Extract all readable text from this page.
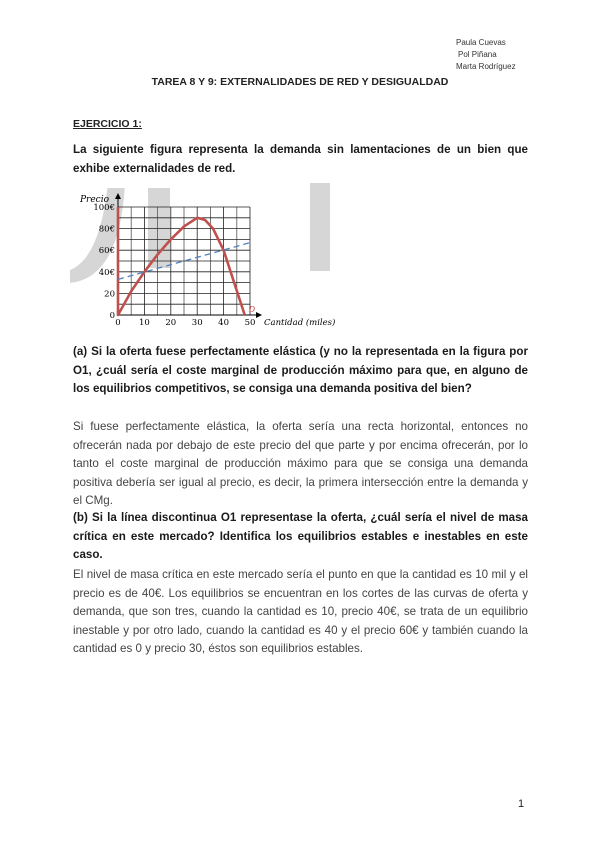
Paula Cuevas
Pol Piñana
Marta Rodríguez
TAREA 8 Y 9: EXTERNALIDADES DE RED Y DESIGUALDAD
EJERCICIO 1:
La siguiente figura representa la demanda sin lamentaciones de un bien que exhibe externalidades de red.
D
0 10 20 30 40 50
0
20
40€
60€
80€
100€
Precio
Cantidad (miles)
(a) Si la oferta fuese perfectamente elástica (y no la representada en la figura por O1, ¿cuál sería el coste marginal de producción máximo para que, en alguno de los equilibrios competitivos, se consiga una demanda positiva del bien?
Si fuese perfectamente elástica, la oferta sería una recta horizontal, entonces no ofrecerán nada por debajo de este precio del que parte y por encima ofrecerán, por lo tanto el coste marginal de producción máximo para que se consiga una demanda positiva debería ser igual al precio, es decir, la primera intersección entre la demanda y el CMg.
(b) Si la línea discontinua O1 representase la oferta, ¿cuál sería el nivel de masa crítica en este mercado? Identifica los equilibrios estables e inestables en este caso.
El nivel de masa crítica en este mercado sería el punto en que la cantidad es 10 mil y el precio es de 40€. Los equilibrios se encuentran en los cortes de las curvas de oferta y demanda, que son tres, cuando la cantidad es 10, precio 40€, se trata de un equilibrio inestable y por otro lado, cuando la cantidad es 40 y el precio 60€ y también cuando la cantidad es 0 y precio 30, éstos son equilibrios estables.
1
